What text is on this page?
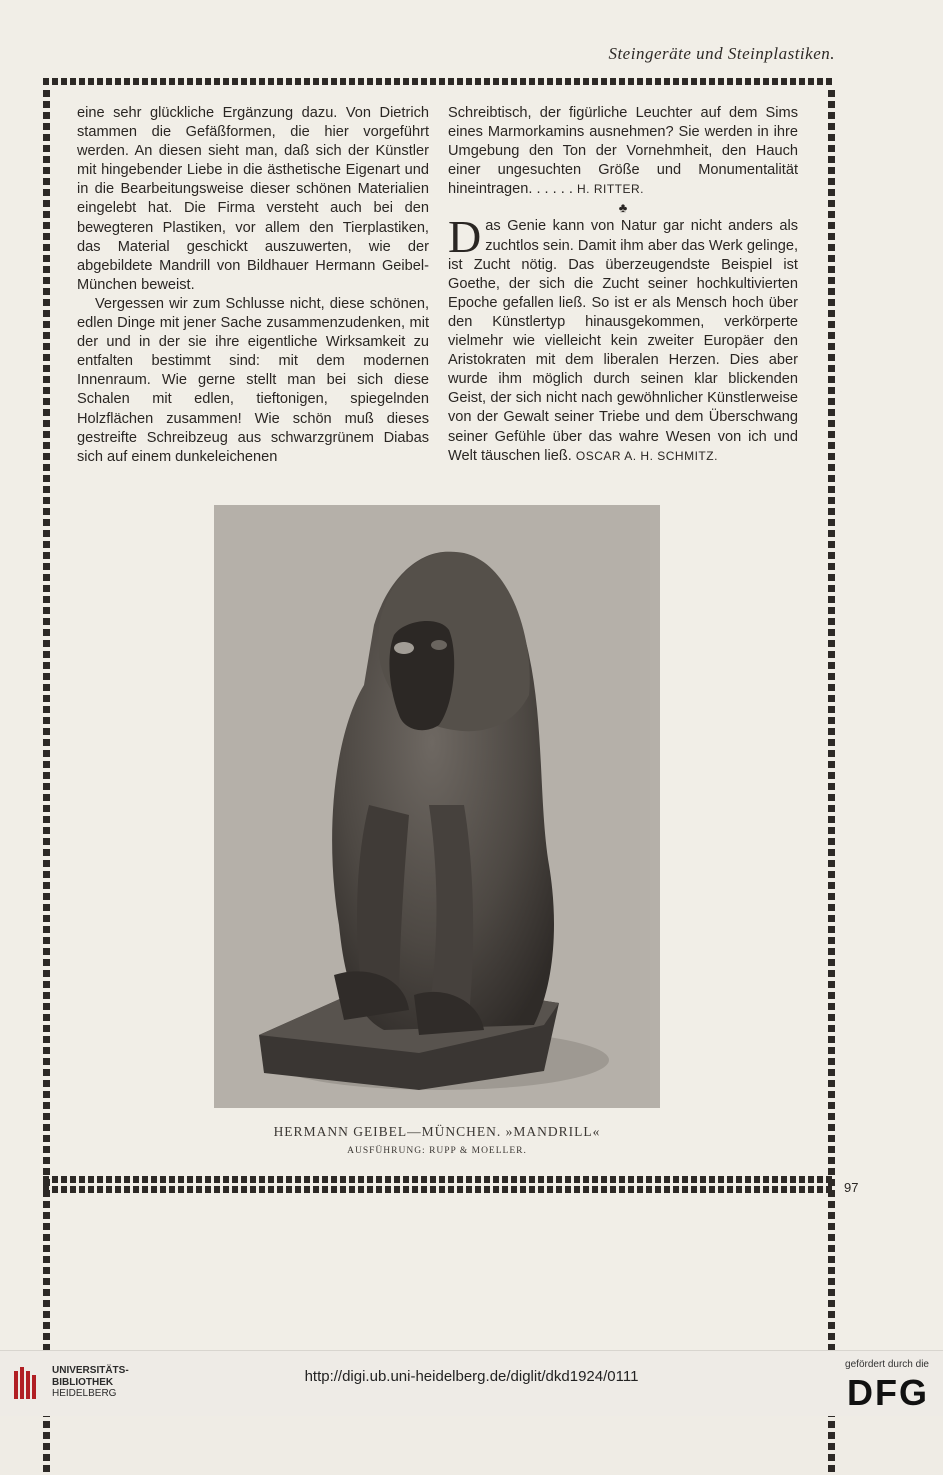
Steingeräte und Steinplastiken.

eine sehr glückliche Ergänzung dazu. Von Dietrich stammen die Gefäßformen, die hier vorgeführt werden. An diesen sieht man, daß sich der Künstler mit hingebender Liebe in die ästhetische Eigenart und in die Bearbeitungsweise dieser schönen Materialien eingelebt hat. Die Firma versteht auch bei den bewegteren Plastiken, vor allem den Tierplastiken, das Material geschickt auszuwerten, wie der abgebildete Mandrill von Bildhauer Hermann Geibel-München beweist.

Vergessen wir zum Schlusse nicht, diese schönen, edlen Dinge mit jener Sache zusammenzudenken, mit der und in der sie ihre eigentliche Wirksamkeit zu entfalten bestimmt sind: mit dem modernen Innenraum. Wie gerne stellt man bei sich diese Schalen mit edlen, tieftonigen, spiegelnden Holzflächen zusammen! Wie schön muß dieses gestreifte Schreibzeug aus schwarzgrünem Diabas sich auf einem dunkeleichenen

Schreibtisch, der figürliche Leuchter auf dem Sims eines Marmorkamins ausnehmen? Sie werden in ihre Umgebung den Ton der Vornehmheit, den Hauch einer ungesuchten Größe und Monumentalität hineintragen. . . . . . H. RITTER.

♣

Das Genie kann von Natur gar nicht anders als zuchtlos sein. Damit ihm aber das Werk gelinge, ist Zucht nötig. Das überzeugendste Beispiel ist Goethe, der sich die Zucht seiner hochkultivierten Epoche gefallen ließ. So ist er als Mensch hoch über den Künstlertyp hinausgekommen, verkörperte vielmehr wie vielleicht kein zweiter Europäer den Aristokraten mit dem liberalen Herzen. Dies aber wurde ihm möglich durch seinen klar blickenden Geist, der sich nicht nach gewöhnlicher Künstlerweise von der Gewalt seiner Triebe und dem Überschwang seiner Gefühle über das wahre Wesen von ich und Welt täuschen ließ. OSCAR A. H. SCHMITZ.

HERMANN GEIBEL—MÜNCHEN. »MANDRILL«
AUSFÜHRUNG: RUPP & MOELLER.
97
UNIVERSITÄTS-
BIBLIOTHEK
HEIDELBERG
http://digi.ub.uni-heidelberg.de/diglit/dkd1924/0111
gefördert durch die
DFG
